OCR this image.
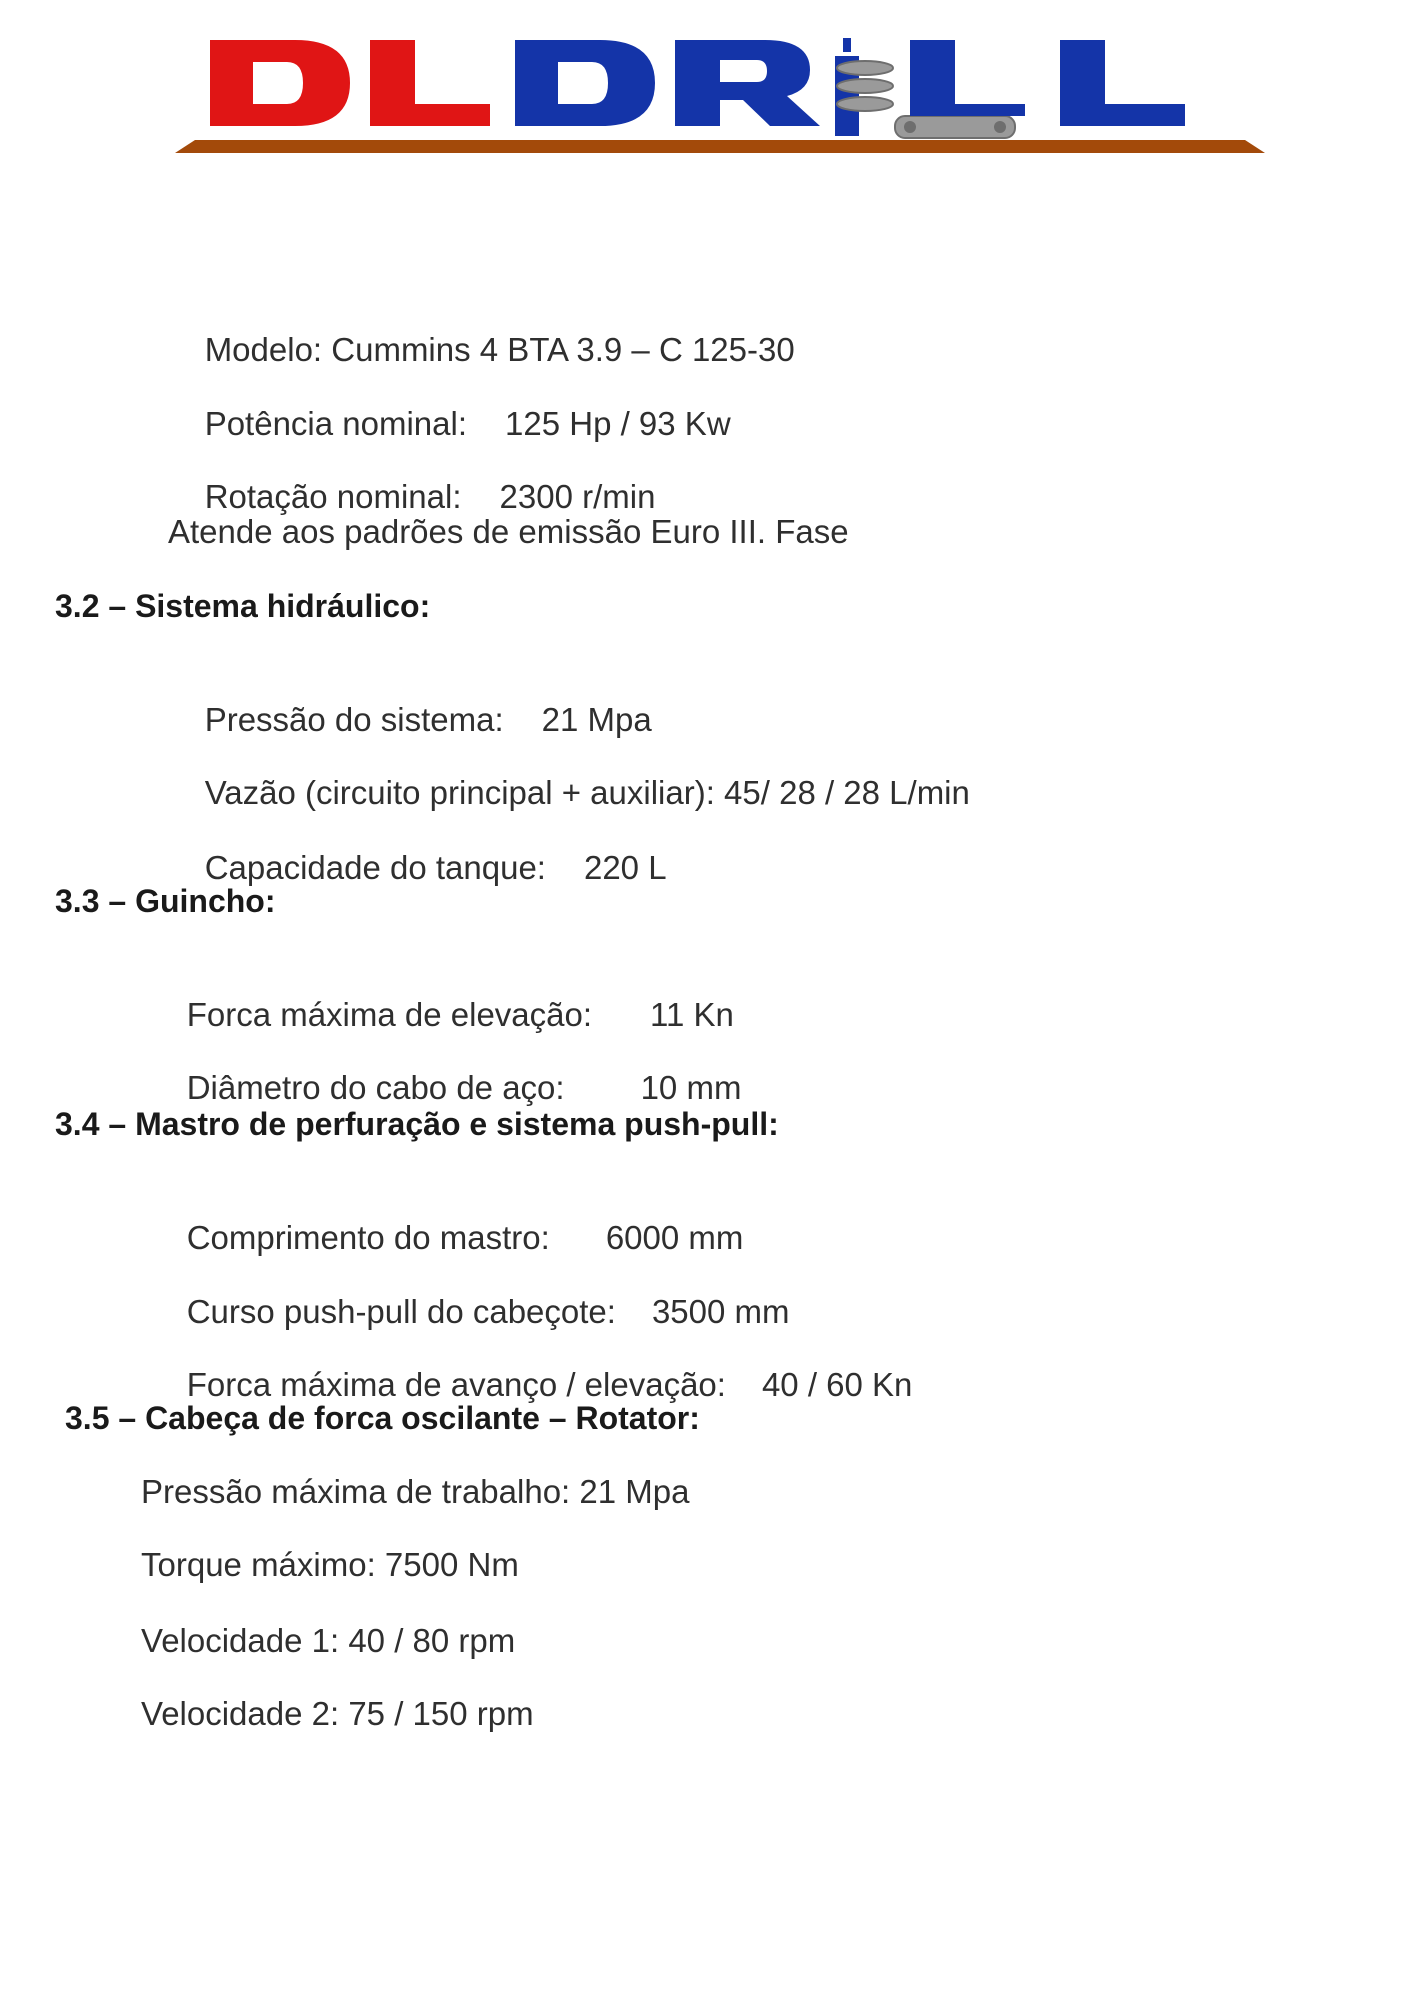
Modelo: Cummins 4 BTA 3.9 – C 125-30

Potência nominal: 125 Hp / 93 Kw

Rotação nominal: 2300 r/min

Atende aos padrões de emissão Euro III. Fase
3.2 – Sistema hidráulico:

Pressão do sistema: 21 Mpa

Vazão (circuito principal + auxiliar): 45/ 28 / 28 L/min

Capacidade do tanque: 220 L

3.3 – Guincho:

Forca máxima de elevação: 11 Kn

Diâmetro do cabo de aço: 10 mm

3.4 – Mastro de perfuração e sistema push-pull:

Comprimento do mastro: 6000 mm

Curso push-pull do cabeçote: 3500 mm

Forca máxima de avanço / elevação: 40 / 60 Kn

3.5 – Cabeça de forca oscilante – Rotator:
Pressão máxima de trabalho: 21 Mpa
Torque máximo: 7500 Nm
Velocidade 1: 40 / 80 rpm
Velocidade 2: 75 / 150 rpm
